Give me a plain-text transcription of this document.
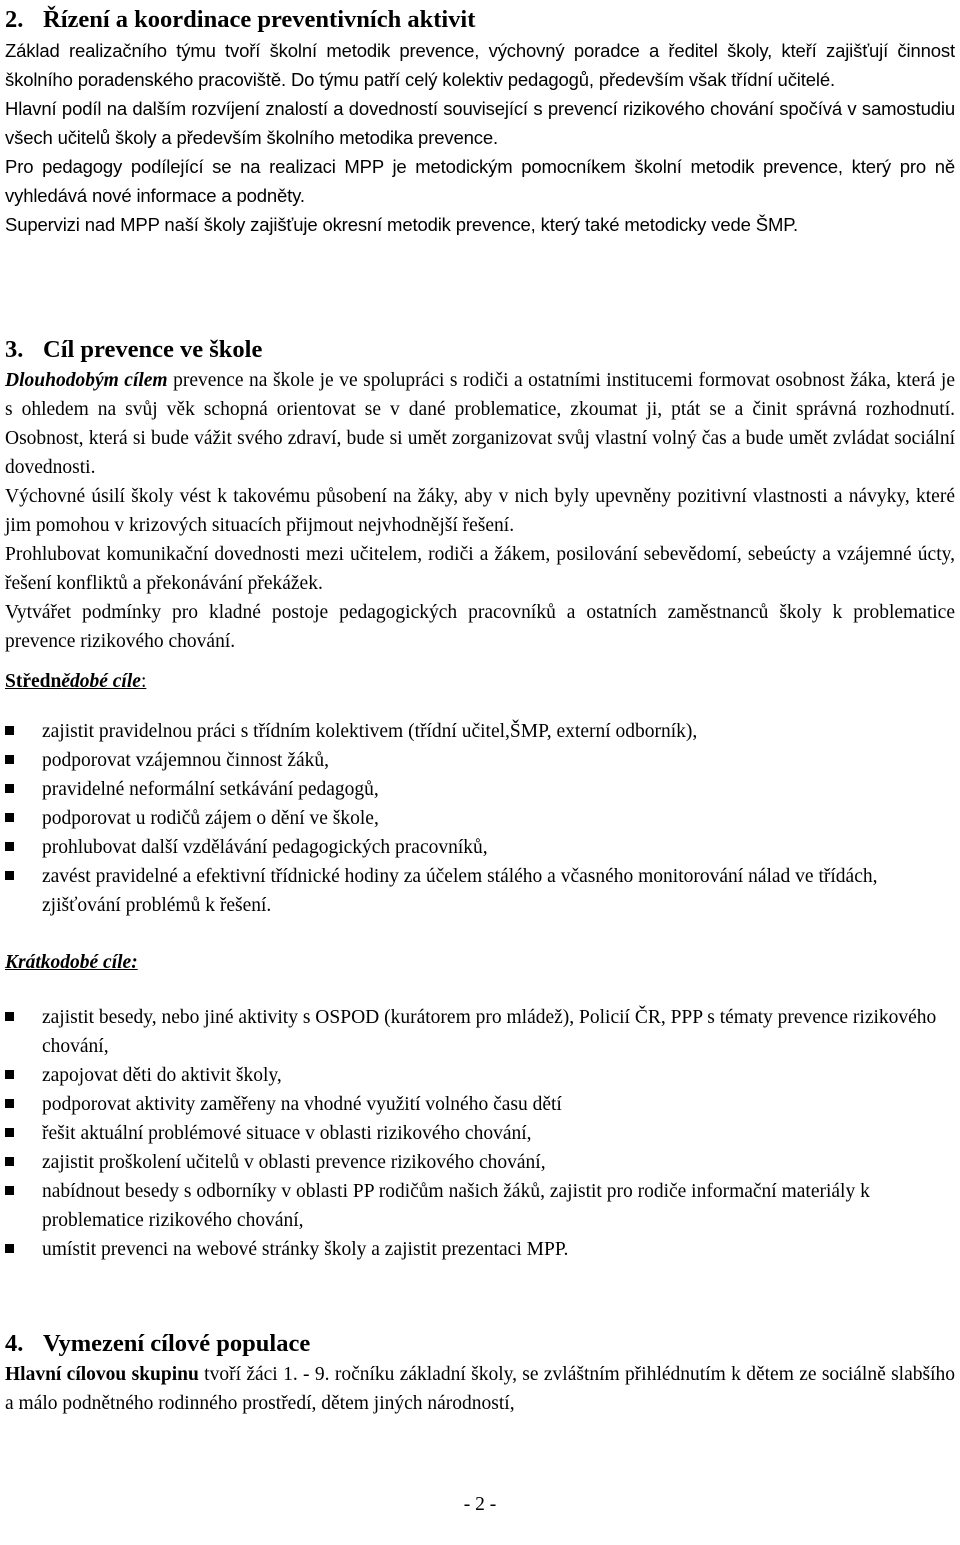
2. Řízení a koordinace preventivních aktivit

Základ realizačního týmu tvoří školní metodik prevence, výchovný poradce a ředitel školy, kteří zajišťují činnost školního poradenského pracoviště. Do týmu patří celý kolektiv pedagogů, především však třídní učitelé.

Hlavní podíl na dalším rozvíjení znalostí a dovedností související s prevencí rizikového chování spočívá v samostudiu všech učitelů školy a především školního metodika prevence.

Pro pedagogy podílející se na realizaci MPP je metodickým pomocníkem školní metodik prevence, který pro ně vyhledává nové informace a podněty.

Supervizi nad MPP naší školy zajišťuje okresní metodik prevence, který také metodicky vede ŠMP.

3. Cíl prevence ve škole

Dlouhodobým cílem prevence na škole je ve spolupráci s rodiči a ostatními institucemi formovat osobnost žáka, která je s ohledem na svůj věk schopná orientovat se v dané problematice, zkoumat ji, ptát se a činit správná rozhodnutí. Osobnost, která si bude vážit svého zdraví, bude si umět zorganizovat svůj vlastní volný čas a bude umět zvládat sociální dovednosti.

Výchovné úsilí školy vést k takovému působení na žáky, aby v nich byly upevněny pozitivní vlastnosti a návyky, které jim pomohou v krizových situacích přijmout nejvhodnější řešení.

Prohlubovat komunikační dovednosti mezi učitelem, rodiči a žákem, posilování sebevědomí, sebeúcty a vzájemné úcty, řešení konfliktů a překonávání překážek.

Vytvářet podmínky pro kladné postoje pedagogických pracovníků a ostatních zaměstnanců školy k problematice prevence rizikového chování.

Střednědobé cíle:

zajistit pravidelnou práci s třídním kolektivem (třídní učitel,ŠMP, externí odborník),
podporovat vzájemnou činnost žáků,
pravidelné neformální setkávání pedagogů,
podporovat u rodičů zájem o dění ve škole,
prohlubovat další vzdělávání pedagogických pracovníků,
zavést pravidelné a efektivní třídnické hodiny za účelem stálého a včasného monitorování nálad ve třídách, zjišťování problémů k řešení.

Krátkodobé cíle:

zajistit besedy, nebo jiné aktivity s OSPOD (kurátorem pro mládež), Policií ČR, PPP s tématy prevence rizikového chování,
zapojovat děti do aktivit školy,
podporovat aktivity zaměřeny na vhodné využití volného času dětí
řešit aktuální problémové situace v oblasti rizikového chování,
zajistit proškolení učitelů v oblasti prevence rizikového chování,
nabídnout besedy s odborníky v oblasti PP rodičům našich žáků, zajistit pro rodiče informační materiály k problematice rizikového chování,
umístit prevenci na webové stránky školy a zajistit prezentaci MPP.
4. Vymezení cílové populace

Hlavní cílovou skupinu tvoří žáci 1. - 9. ročníku základní školy, se zvláštním přihlédnutím k dětem ze sociálně slabšího a málo podnětného rodinného prostředí, dětem jiných národností,

- 2 -
